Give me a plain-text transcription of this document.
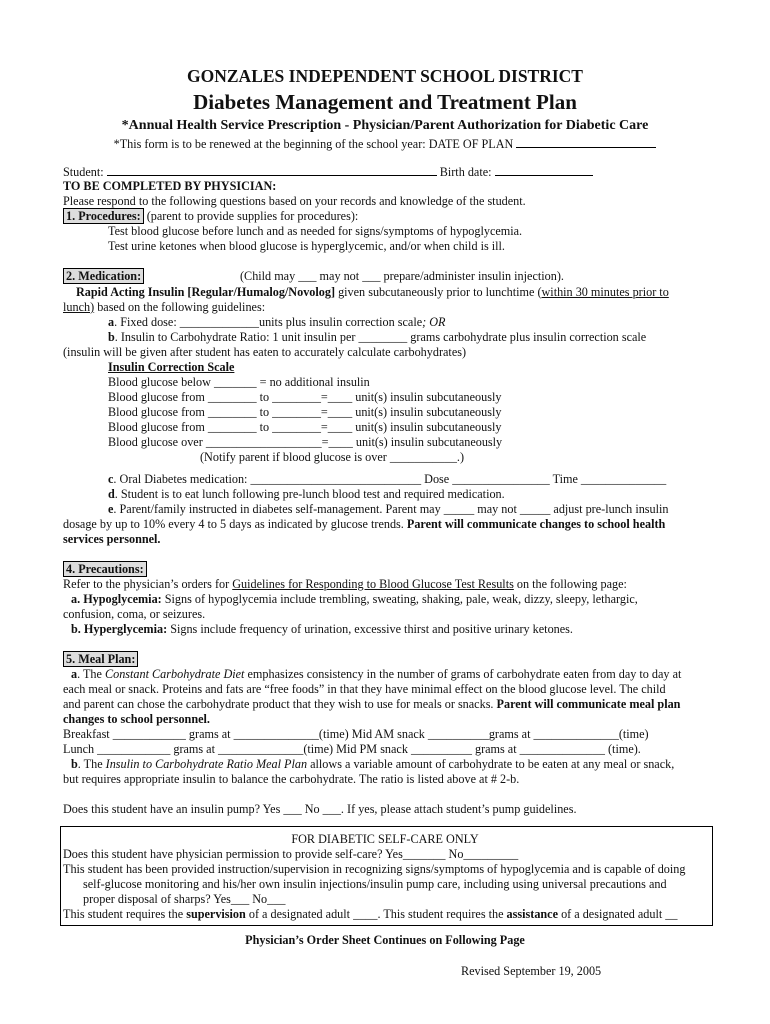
GONZALES INDEPENDENT SCHOOL DISTRICT
Diabetes Management and Treatment Plan
*Annual Health Service Prescription - Physician/Parent Authorization for Diabetic Care
*This form is to be renewed at the beginning of the school year: DATE OF PLAN
Student:	Birth date:
TO BE COMPLETED BY PHYSICIAN:
Please respond to the following questions based on your records and knowledge of the student.
1. Procedures: (parent to provide supplies for procedures):
Test blood glucose before lunch and as needed for signs/symptoms of hypoglycemia.
Test urine ketones when blood glucose is hyperglycemic, and/or when child is ill.
2. Medication:	(Child may ___ may not ___ prepare/administer insulin injection).
Rapid Acting Insulin [Regular/Humalog/Novolog] given subcutaneously prior to lunchtime (within 30 minutes prior to
lunch) based on the following guidelines:
a. Fixed dose: _____________units plus insulin correction scale; OR
b. Insulin to Carbohydrate Ratio: 1 unit insulin per ________ grams carbohydrate plus insulin correction scale
(insulin will be given after student has eaten to accurately calculate carbohydrates)
Insulin Correction Scale
Blood glucose below _______ = no additional insulin
Blood glucose from ________ to ________=____ unit(s) insulin subcutaneously
Blood glucose from ________ to ________=____ unit(s) insulin subcutaneously
Blood glucose from ________ to ________=____ unit(s) insulin subcutaneously
Blood glucose over ___________________=____ unit(s) insulin subcutaneously
(Notify parent if blood glucose is over ___________.)
c. Oral Diabetes medication: ____________________________ Dose ________________ Time ______________
d. Student is to eat lunch following pre-lunch blood test and required medication.
e. Parent/family instructed in diabetes self-management. Parent may _____ may not _____ adjust pre-lunch insulin
dosage by up to 10% every 4 to 5 days as indicated by glucose trends. Parent will communicate changes to school health
services personnel.
4. Precautions:
Refer to the physician’s orders for Guidelines for Responding to Blood Glucose Test Results on the following page:
a. Hypoglycemia: Signs of hypoglycemia include trembling, sweating, shaking, pale, weak, dizzy, sleepy, lethargic,
confusion, coma, or seizures.
b. Hyperglycemia: Signs include frequency of urination, excessive thirst and positive urinary ketones.
5. Meal Plan:
a. The Constant Carbohydrate Diet emphasizes consistency in the number of grams of carbohydrate eaten from day to day at
each meal or snack. Proteins and fats are “free foods” in that they have minimal effect on the blood glucose level. The child
and parent can chose the carbohydrate product that they wish to use for meals or snacks. Parent will communicate meal plan
changes to school personnel.
Breakfast ____________ grams at ______________(time) Mid AM snack __________grams at ______________(time)
Lunch ____________ grams at ______________(time) Mid PM snack __________ grams at ______________ (time).
b. The Insulin to Carbohydrate Ratio Meal Plan allows a variable amount of carbohydrate to be eaten at any meal or snack,
but requires appropriate insulin to balance the carbohydrate. The ratio is listed above at # 2-b.
Does this student have an insulin pump? Yes ___ No ___. If yes, please attach student’s pump guidelines.
FOR DIABETIC SELF-CARE ONLY
Does this student have physician permission to provide self-care? Yes_______ No_________
This student has been provided instruction/supervision in recognizing signs/symptoms of hypoglycemia and is capable of doing
self-glucose monitoring and his/her own insulin injections/insulin pump care, including using universal precautions and
proper disposal of sharps? Yes___ No___
This student requires the supervision of a designated adult ____. This student requires the assistance of a designated adult __
Physician’s Order Sheet Continues on Following Page
Revised September 19, 2005
